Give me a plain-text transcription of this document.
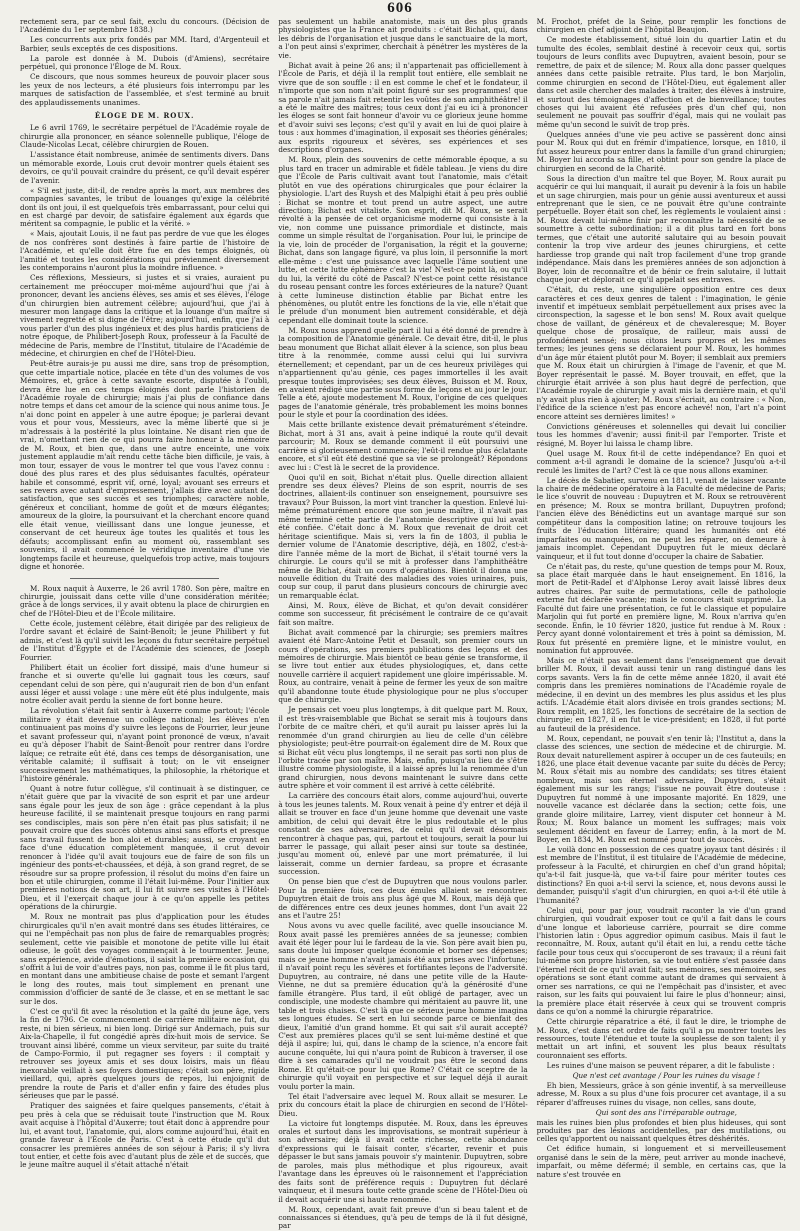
606

rectement sera, par ce seul fait, exclu du concours. (Décision de l'Académie du 1er septembre 1838.)

Les concurrents aux prix fondés par MM. Itard, d'Argenteuil et Barbier, seuls exceptés de ces dispositions.

La parole est donnée à M. Dubois (d'Amiens), secrétaire perpétuel, qui prononce l'Éloge de M. Roux.

Ce discours, que nous sommes heureux de pouvoir placer sous les yeux de nos lecteurs, a été plusieurs fois interrompu par les marques de satisfaction de l'assemblée, et s'est terminé au bruit des applaudissements unanimes.

ÉLOGE DE M. ROUX.

Le 6 avril 1769, le secrétaire perpétuel de l'Académie royale de chirurgie alla prononcer, en séance solennelle publique, l'éloge de Claude-Nicolas Lecat, célèbre chirurgien de Rouen.

L'assistance était nombreuse, animée de sentiments divers. Dans un mémorable exorde, Louis crut devoir montrer quels étaient ses devoirs, ce qu'il pouvait craindre du présent, ce qu'il devait espérer de l'avenir.

« S'il est juste, dit-il, de rendre après la mort, aux membres des compagnies savantes, le tribut de louanges qu'exige la célébrité dont ils ont joui, il est quelquefois très embarrassant, pour celui qui en est chargé par devoir, de satisfaire également aux égards que méritent sa compagnie, le public et la vérité. »

« Mais, ajoutait Louis, il ne faut pas perdre de vue que les éloges de nos confrères sont destinés à faire partie de l'histoire de l'Académie, et qu'elle doit être fue en des temps éloignés, où l'amitié et toutes les considérations qui prévienment diversement les contemporains n'auront plus la moindre influence. »

Ces réflexions, Messieurs, si justes et si vraies, auraient pu certainement me préoccuper moi-même aujourd'hui que j'ai à prononcer, devant les anciens élèves, ses amis et ses élèves, l'éloge d'un chirurgien bien autrement célèbre; aujourd'hui, que j'ai à mesurer mon langage dans la critique et la louange d'un maître si vivement regretté et si digne de l'être; aujourd'hui, enfin, que j'ai à vous parler d'un des plus ingénieux et des plus hardis praticiens de notre époque, de Philibert-Joseph Roux, professeur à la Faculté de médecine de Paris, membre de l'Institut, titulaire de l'Académie de médecine, et chirurgien en chef de l'Hôtel-Dieu.

Peut-être aurais-je pu aussi me dire, sans trop de présomption, que cette impartiale notice, placée en tête d'un des volumes de vos Mémoires, et, grâce à cette savante escorte, disputée à l'oubli, devra être lue en ces temps éloignés dont parle l'historien de l'Académie royale de chirurgie; mais j'ai plus de confiance dans notre temps et dans cet amour de la science qui nous anime tous. Je n'ai donc point en appeler à une autre époque; je parlerai devant vous et pour vous, Messieurs, avec la même liberté que si je m'adressais à la postérité la plus lointaine. Ne disant rien que de vrai, n'omettant rien de ce qui pourra faire honneur à la mémoire de M. Roux, et bien que, dans une autre enceinte, une voix justement applaudie m'ait rendu cette tâche bien difficile, je vais, à mon tour, essayer de vous le montrer tel que vous l'avez connu : doué des plus rares et des plus séduisantes facultés, opérateur habile et consommé, esprit vif, orné, loyal; avouant ses erreurs et ses revers avec autant d'empressement, j'allais dire avec autant de satisfaction, que ses succès et ses triomphes; caractère noble, généreux et conciliant, homme de goût et de mœurs élégantes; amoureux de la gloire, la poursuivant et la cherchant encore quand elle était venue, vieillissant dans une longue jeunesse, et conservant de cet heureux âge toutes les qualités et tous les défauts; accomplissant enfin au moment où, rassemblant ses souvenirs, il avait commencé le véridique inventaire d'une vie longtemps facile et heureuse, quelquefois trop active, mais toujours digne et honorée.

M. Roux naquit à Auxerre, le 26 avril 1780. Son père, maître en chirurgie, jouissait dans cette ville d'une considération méritée; grâce à de longs services, il y avait obtenu la place de chirurgien en chef de l'Hôtel-Dieu et de l'École militaire.

Cette école, justement célèbre, était dirigée par des religieux de l'ordre savant et éclairé de Saint-Benoît; le jeune Philibert y fut admis, et c'est là qu'il suivit les leçons du futur secrétaire perpétuel de l'Institut d'Égypte et de l'Académie des sciences, de Joseph Fourrier.

Philibert était un écolier fort dissipé, mais d'une humeur si franche et si ouverte qu'elle lui gagnait tous les cœurs, sauf cependant celui de son père, qui n'augurait rien de bon d'un enfant aussi léger et aussi volage : une mère eût été plus indulgente, mais notre écolier avait perdu la sienne de fort bonne heure.

La révolution s'était fait sentir à Auxerre comme partout; l'école militaire y était devenue un collège national; les élèves n'en continuaient pas moins d'y suivre les leçons de Fourrier, leur jeune et savant professeur qui, n'ayant point prononcé de vœux, n'avait eu qu'à déposer l'habit de Saint-Benoît pour rentrer dans l'ordre laïque; ce retraite eût été, dans ces temps de désorganisation, une véritable calamité; il suffisait à tout; on le vit enseigner successivement les mathématiques, la philosophie, la rhétorique et l'histoire générale.

Quant à notre futur collègue, s'il continuait à se distinguer, ce n'était guère que par la vivacité de son esprit et par une ardeur sans égale pour les jeux de son âge : grâce cependant à la plus heureuse facilité, il se maintenait presque toujours en rang parmi ses condisciples, mais son père n'en était pas plus satisfait; il ne pouvait croire que des succès obtenus ainsi sans efforts et presque sans travail fussent de bon aloi et durables; aussi, se croyant en face d'une éducation complètement manquée, il crut devoir renoncer à l'idée qu'il avait toujours eue de faire de son fils un ingénieur des ponts-et-chaussées, et déjà, à son grand regret, de se résoudre sur sa propre profession, il résolut du moins d'en faire un bon et utile chirurgien, comme il l'était lui-même. Pour l'initier aux premières notions de son art, il lui fit suivre ses visites à l'Hôtel-Dieu, et il l'exerçait chaque jour à ce qu'on appelle les petites opérations de la chirurgie.

M. Roux ne montrait pas plus d'application pour les études chirurgicales qu'il n'en avait montré dans ses études littéraires, ce qui ne l'empêchait pas non plus de faire de remarquables progrès; seulement, cette vie paisible et monotone de petite ville lui était odieuse, le goût des voyages commençait à le tourmenter. Jeune, sans expérience, avide d'émotions, il saisit la première occasion qui s'offrit à lui de voir d'autres pays, non pas, comme il le fit plus tard, en montant dans une ambitieuse chaise de poste et semant l'argent le long des routes, mais tout simplement en prenant une commission d'officier de santé de 3e classe, et en se mettant le sac sur le dos.

C'est ce qu'il fit avec la résolution et la gaîté du jeune âge, vers la fin de 1796. Ce commencement de carrière militaire ne fut, du reste, ni bien sérieux, ni bien long. Dirigé sur Andernach, puis sur Aix-la-Chapelle, il fut congédié après dix-huit mois de service. Se trouvant ainsi libéré, comme un vieux serviteur, par suite du traité de Campo-Formio, il put regagner ses foyers : il comptait y retrouver ses joyeux amis et ses doux loisirs, mais un fléau inexorable veillait à ses foyers domestiques; c'était son père, rigide vieillard, qui, après quelques jours de repos, lui enjoignit de prendre la route de Paris et d'aller enfin y faire des études plus sérieuses que par le passé.

Pratiquer des saignées et faire quelques pansements, c'était à peu près à cela que se réduisait toute l'instruction que M. Roux avait acquise à l'hôpital d'Auxerre; tout était donc à apprendre pour lui, et avant tout, l'anatomie, qui, alors comme aujourd'hui, était en grande faveur à l'École de Paris. C'est à cette étude qu'il dut consacrer les premières années de son séjour à Paris; il s'y livra tout entier, et cette fois avec d'autant plus de zèle et de succès, que le jeune maître auquel il s'était attaché n'était

pas seulement un habile anatomiste, mais un des plus grands physiologistes que la France ait produits : c'était Bichat, qui, dans les débris de l'organisation et jusque dans le sanctuaire de la mort, a l'on peut ainsi s'exprimer, cherchait à pénétrer les mystères de la vie.

Bichat avait à peine 26 ans; il n'appartenait pas officiellement à l'École de Paris, et déjà il la remplit tout entière, elle semblait ne vivre que de son souffle : il en est comme le chef et le fondateur, il n'importe que son nom n'ait point figuré sur ses programmes! que sa parole n'ait jamais fait retentir les voûtes de son amphithéâtre! il a été le maître des maîtres; tous ceux dont j'ai eu ici à prononcer les éloges se sont fait honneur d'avoir vu ce glorieux jeune homme et d'avoir suivi ses leçons; c'est qu'il y avait en lui de quoi plaire à tous : aux hommes d'imagination, il exposait ses théories générales; aux esprits rigoureux et sévères, ses expériences et ses descriptions d'organes.

M. Roux, plein des souvenirs de cette mémorable époque, a su plus tard en tracer un admirable et fidèle tableau. Je viens du dire que l'École de Paris cultivait avant tout l'anatomie, mais c'était plutôt en vue des opérations chirurgicales que pour éclairer la physiologie. L'art des Ruysh et des Malpighi était à peu près oublié : Bichat se montre et tout prend un autre aspect, une autre direction; Bichat est vitaliste. Son esprit, dit M. Roux, se serait révolté à la pensée de cet organicisme moderne qui consiste à la vie, non comme une puissance primordiale et distincte, mais comme un simple résultat de l'organisation. Pour lui, le principe de la vie, loin de procéder de l'organisation, la régit et la gouverne; Bichat, dans son langage figuré, va plus loin, il personnifie la mort elle-même : c'est une puissance avec laquelle l'âme soutient une lutte, et cette lutte éphémère c'est la vie! N'est-ce point là, ou qu'il du lui, la vérité du côté de Pascal? N'est-ce point cette résistance du roseau pensant contre les forces extérieures de la nature? Quant à cette lumineuse distinction établie par Bichat entre les phénomènes, ou plutôt entre les fonctions de la vie, elle n'était que le prélude d'un monument bien autrement considérable, et déjà cependant elle dominait toute la science.

M. Roux nous apprend quelle part il lui a été donné de prendre à la composition de l'Anatomie générale. Ce devait être, dit-il, le plus beau monument que Bichat allait élever à la science, son plus beau titre à la renommée, comme aussi celui qui lui survivra éternellement; et cependant, par un de ces heureux privilèges qui n'appartiennent qu'au génie, ces pages immortelles il les avait presque toutes improvisées; ses deux élèves, Buisson et M. Roux, en avaient rédigé une partie sous forme de leçons et au jour le jour. Telle a été, ajoute modestement M. Roux, l'origine de ces quelques pages de l'anatomie générale, très probablement les moins bonnes pour le style et pour la coordination des idées.

Mais cette brillante existence devait prématurément s'éteindre. Bichat, mort à 31 ans, avait à peine indiqué la route qu'il devait parcourir; M. Roux se demande comment il eût poursuivi une carrière si glorieusement commencée; l'eût-il rendue plus éclatante encore, et s'il eût été destiné que sa vie se prolongeât? Répondons avec lui : C'est là le secret de la providence.

Quoi qu'il en soit, Bichat n'était plus. Quelle direction allaient prendre ses deux élèves? Pleins de son esprit, nourris de ses doctrines, allaient-ils continuer son enseignement, poursuivre ses travaux? Pour Buisson, la mort vint trancher la question. Enlevé lui-même prématurément encore que son jeune maître, il n'avait pas même terminé cette partie de l'anatomie descriptive qui lui avait été confiée. C'était donc à M. Roux que revenait de droit cet héritage scientifique. Mais si, vers la fin de 1803, il publia le dernier volume de l'Anatomie descriptive, déjà, en 1802, c'est-à-dire l'année même de la mort de Bichat, il s'était tourné vers la chirurgie. Le cours qu'il se mit à professer dans l'amphithéâtre même de Bichat, était un cours d'opérations. Bientôt il donna une nouvelle édition du Traité des maladies des voies urinaires, puis, coup sur coup, il parut dans plusieurs concours de chirurgie avec un remarquable éclat.

Ainsi, M. Roux, élève de Bichat, et qu'on devait considérer comme son successeur, fit précisément le contraire de ce qu'avait fait son maître.

Bichat avait commencé par la chirurgie; ses premiers maîtres avaient été Marc-Antoine Petit et Desault, son premier cours un cours d'opérations, ses premiers publications des leçons et des mémoires de chirurgie. Mais bientôt ce beau génie se transforme, il se livre tout entier aux études physiologiques, et, dans cette nouvelle carrière il acquiert rapidement une gloire impérissable. M. Roux, au contraire, venait à peine de fermer les yeux de son maître qu'il abandonne toute étude physiologique pour ne plus s'occuper que de chirurgie.

Je pensais cet voeu plus longtemps, à dit quelque part M. Roux, il est très-vraisemblable que Bichat se serait mis à toujours dans l'orbite de ce maître chéri, et qu'il aurait pu laisser après lui la renommée d'un grand chirurgien au lieu de celle d'un célèbre physiologiste; peut-être pourrait-on également dire de M. Roux que si Bichat eût vécu plus longtemps, il ne serait pas sorti non plus de l'orbite tracée par son maître. Mais, enfin, puisqu'au lieu de s'être illustré comme physiologiste, il a laissé après lui la renommée d'un grand chirurgien, nous devons maintenant le suivre dans cette autre sphère et voir comment il est arrivé à cette célébrité.

La carrière des concours était alors, comme aujourd'hui, ouverte à tous les jeunes talents. M. Roux venait à peine d'y entrer et déjà il allait se trouver en face d'un jeune homme que devenait une vaste ambition, de celui qui devait être le plus redoutable et le plus constant de ses adversaires, de celui qu'il devait désormais rencontrer à chaque pas, qui, partout et toujours, serait la pour lui barrer le passage, qui allait peser ainsi sur toute sa destinée, jusqu'au moment où, enlevé par une mort prématurée, il lui laisserait, comme un dernier fardeau, sa propre et écrasante succession.

On pense bien que c'est de Dupuytren que nous voulons parler. Pour la première fois, ces deux émules allaient se rencontrer. Dupuytren était de trois ans plus âgé que M. Roux, mais déjà que de différences entre ces deux jeunes hommes, dont l'un avait 22 ans et l'autre 25!

Nous avons vu avec quelle facilité, avec quelle insouciance M. Roux avait passé les premières années de sa jeunesse; combien avait été léger pour lui le fardeau de la vie. Son père avait bien pu, sans doute lui imposer quelque économie et borner ses dépenses; mais ce jeune homme n'avait jamais été aux prises avec l'infortune; il n'avait point reçu les sévères et fortifiantes leçons de l'adversité. Dupuytren, au contraire, né dans une petite ville de la Haute-Vienne, ne dut sa première éducation qu'à la générosité d'une famille étrangère. Plus tard, il eût obligé de partager, avec un condisciple, une modeste chambre qui méritaient au pauvre lit, une table et trois chaises. C'est là que ce sérieux jeune homme imagina ses longues études. Se sert en lui seconde parce ce bienfait des dieux, l'amitié d'un grand homme. Et qui sait s'il aurait accepté? C'est aux premières places qu'il se sent lui-même destiné et que déjà il aspire; lui, qui, dans le champ de la science, n'a encore fait aucune conquête, lui qui n'aura point de Rubicon à traverser, il ose dire à ses camarades qu'il ne voudrait pas être le second dans Rome. Et qu'était-ce pour lui que Rome? C'était ce sceptre de la chirurgie qu'il voyait en perspective et sur lequel déjà il aurait voulu porter la main.

Tel était l'adversaire avec lequel M. Roux allait se mesurer. Le prix du concours était la place de chirurgien en second de l'Hôtel-Dieu.

La victoire fut longtemps disputée. M. Roux, dans les épreuves orales et surtout dans les improvisations, se montrait supérieur à son adversaire; déjà il avait cette richesse, cette abondance d'expressions qui le faisait conter, s'écarter, revenir et puis dépasser le but sans jamais pouvoir s'y maintenir. Dupuytren, sobre de paroles, mais plus méthodique et plus rigoureux, avait l'avantage dans les épreuves où le raisonnement et l'appréciation des faits sont de préférence requis : Dupuytren fut déclaré vainqueur, et il mesura toute cette grande scène de l'Hôtel-Dieu où il devait acquérir une si haute renommée.

M. Roux, cependant, avait fait preuve d'un si beau talent et de connaissances si étendues, qu'à peu de temps de là il fut désigné, par

M. Frochot, préfet de la Seine, pour remplir les fonctions de chirurgien en chef adjoint de l'hôpital Beaujon.

Ce modeste établissement, situé loin du quartier Latin et du tumulte des écoles, semblait destiné à recevoir ceux qui, sortis toujours de leurs conflits avec Dupuytren, avaient besoin, pour se remettre, de paix et de silence; M. Roux alla donc passer quelques années dans cette paisible retraite. Plus tard, le bon Marjolin, comme chirurgien en second de l'Hôtel-Dieu, eut également aller dans cet asile chercher des malades à traiter, des élèves à instruire, et surtout des témoignages d'affection et de bienveillance; toutes choses qui lui avaient été refusées près d'un chef qui, non seulement ne pouvait pas souffrir d'égal, mais qui ne voulait pas même qu'un second le suivît de trop près.

Quelques années d'une vie peu active se passèrent donc ainsi pour M. Roux qui dut en frémir d'impatience, lorsque, en 1810, il fut assez heureux pour entrer dans la famille d'un grand chirurgien; M. Boyer lui accorda sa fille, et obtint pour son gendre la place de chirurgien en second de la Charité.

Sous la direction d'un maître tel que Boyer, M. Roux aurait pu acquérir ce qui lui manquait, il aurait pu devenir à la fois un habile et un sage chirurgien, mais pour un génie aussi aventureux et aussi entreprenant que le sien, ce ne pouvait être qu'une contrainte perpétuelle. Boyer était son chef, les règlements le voulaient ainsi : M. Roux devait lui-même finir par reconnaître la nécessité de se soumettre à cette subordination; il a dit plus tard en fort bons termes, que c'était une autorité salutaire qui au besoin pouvait contenir la trop vive ardeur des jeunes chirurgiens, et cette hardiesse trop grande qui naît trop facilement d'une trop grande indépendance. Mais dans les premières années de son adjonction à Boyer, loin de reconnaître et de bénir ce frein salutaire, il luttait chaque jour et déplorait ce qu'il appelait ses entraves.

C'était, du reste, une singulière opposition entre ces deux caractères et ces deux genres de talent : l'imagination, le génie inventif et impétueux semblait perpétuellement aux prises avec la circonspection, la sagesse et le bon sens! M. Roux avait quelque chose de vaillant, de généreux et de chevaleresque; M. Boyer quelque chose de prosaïque, de railleur, mais aussi de profondément sensé; nous citons leurs propres et les mêmes termes; les jeunes gens se déclaraient pour M. Roux, les hommes d'un âge mûr étaient plutôt pour M. Boyer; il semblait aux premiers que M. Roux était un chirurgien à l'image de l'avenir, et que M. Boyer représentait le passé. M. Boyer trouvait, en effet, que la chirurgie était arrivée à son plus haut degré de perfection, que l'Académie royale de chirurgie y avait mis la dernière main, et qu'il n'y avait plus rien à ajouter; M. Roux s'écriait, au contraire : « Non, l'édifice de la science n'est pas encore achevé! non, l'art n'a point encore atteint ses dernières limites! »

Convictions généreuses et solennelles qui devait lui concilier tous les hommes d'avenir; aussi finit-il par l'emporter. Triste et résigné, M. Boyer lui laissa le champ libre.

Quel usage M. Roux fit-il de cette indépendance? En quoi et comment a-t-il agrandi le domaine de la science? Jusqu'où a-t-il reculé les limites de l'art? C'est là ce que nous allons examiner.

Le décès de Sabatier, survenu en 1811, venait de laisser vacante la chaire de médecine opératoire à la Faculté de médecine de Paris; le lice s'ouvrit de nouveau : Dupuytren et M. Roux se retrouvèrent en présence; M. Roux se montra brillant, Dupuytren profond; l'ancien élève des Bénédictins eut un avantage marqué sur son compétiteur dans la composition latine; on retrouve toujours les fruits de l'éducation littéraire; quand les humanités ont été imparfaites ou manquées, on ne peut les réparer, on demeure à jamais incomplet. Cependant Dupuytren fut le mieux déclaré vainqueur, et il fut tout donne d'occuper la chaire de Sabatier.

Ce n'était pas, du reste, qu'une question de temps pour M. Roux, sa place était marquée dans le haut enseignement. En 1816, la mort de Petit-Radel et d'Alphonse Leroy avait laissé libres deux autres chaires. Par suite de permutations, celle de pathologie externe fut déclarée vacante; mais le concours était supprimé. La Faculté dut faire une présentation, ce fut le classique et populaire Marjolin qui fut porté en première ligne, M. Roux n'arriva qu'en seconde. Enfin, le 10 février 1820, justice fut rendue à M. Roux : Percy ayant donné volontairement et très à point sa démission, M. Roux fut présenté en première ligne, et le ministre voulut, en nomination fut approuvée.

Mais ce n'était pas seulement dans l'enseignement que devait briller M. Roux, il devait aussi tenir un rang distingué dans les corps savants. Vers la fin de cette même année 1820, il avait été compris dans les premières nominations de l'Académie royale de médecine, il en devint un des membres les plus assidus et les plus actifs. L'Académie était alors divisée en trois grandes sections; M. Roux remplit, en 1825, les fonctions de secrétaire de la section de chirurgie; en 1827, il en fut le vice-président; en 1828, il fut porté au fauteuil de la présidence.

M. Roux, cependant, ne pouvait s'en tenir là; l'Institut a, dans la classe des sciences, une section de médecine et de chirurgie. M. Roux devait naturellement aspirer à occuper un de ces fauteuils; en 1826, une place était devenue vacante par suite du décès de Percy; M. Roux s'était mis au nombre des candidats; ses titres étaient nombreux, mais son éternel adversaire, Dupuytren, s'était également mis sur les rangs; l'issue ne pouvait être douteuse : Dupuytren fut nommé à une imposante majorité. En 1829, une nouvelle vacance est déclarée dans la section; cette fois, une grande gloire militaire, Larrey, vient disputer cet honneur à M. Roux; M. Roux balance un moment les suffrages; mais voix seulement décident en faveur de Larrey; enfin, à la mort de M. Boyer, en 1834, M. Roux est nommé pour tout de succès.

Le voilà donc en possession de ces quatre joyaux tant désirés : il est membre de l'Institut, il est titulaire de l'Académie de médecine, professeur à la Faculté, et chirurgien en chef d'un grand hôpital; qu'a-t-il fait jusque-là, que va-t-il faire pour mériter toutes ces distinctions? En quoi a-t-il servi la science, et, nous devons aussi le demander, puisqu'il s'agit d'un chirurgien, en quoi a-t-il été utile à l'humanité?

Celui qui, pour par jour, voudrait raconter la vie d'un grand chirurgien, qui voudrait exposer tout ce qu'il a fait dans le cours d'une longue et laborieuse carrière, pourrait se dire comme l'historien latin : Opus aggredior opimum casibus. Mais il faut le reconnaître, M. Roux, autant qu'il était en lui, a rendu cette tâche facile pour tous ceux qui s'occuperont de ses travaux; il a réuni fait lui-même son propre historien, sa vie tout entière s'est passée dans l'éternel récit de ce qu'il avait fait; ses mémoires, ses mémoires, ses opérations se sont étant comme autant de drames qui servaient à orner ses narrations, ce qui ne l'empêchait pas d'insister, et avec raison, sur les faits qui pouvaient lui faire le plus d'honneur; ainsi, la première place était réservée à ceux qui se trouvent compris dans ce qu'on a nommé la chirurgie réparatrice.

Cette chirurgie réparatrice a été, il faut le dire, le triomphe de M. Roux, c'est dans cet ordre de faits qu'il a pu montrer toutes les ressources, toute l'étendue et toute la souplesse de son talent; il y mettait un art infini, et souvent les plus beaux résultats couronnaient ses efforts.

Les ruines d'une maison se peuvent réparer, a dit le fabuliste :

Que n'est cet avantage / Pour les ruines du visage !

Eh bien, Messieurs, grâce à son génie inventif, à sa merveilleuse adresse, M. Roux a su plus d'une fois procurer cet avantage, il a su réparer d'affreuses ruines du visage, non celles, sans doute,

Qui sont des ans l'irréparable outrage,

mais les ruines bien plus profondes et bien plus hideuses, qui sont produites par des lésions accidentelles, par des mutilations, ou celles qu'apportent ou naissant quelques êtres déshérités.

Cet édifice humain, si longuement et si merveilleusement organisé dans le sein de la mère, peut arriver au monde inachevé, imparfait, ou même défermé; il semble, en certains cas, que la nature s'est trouvée en
